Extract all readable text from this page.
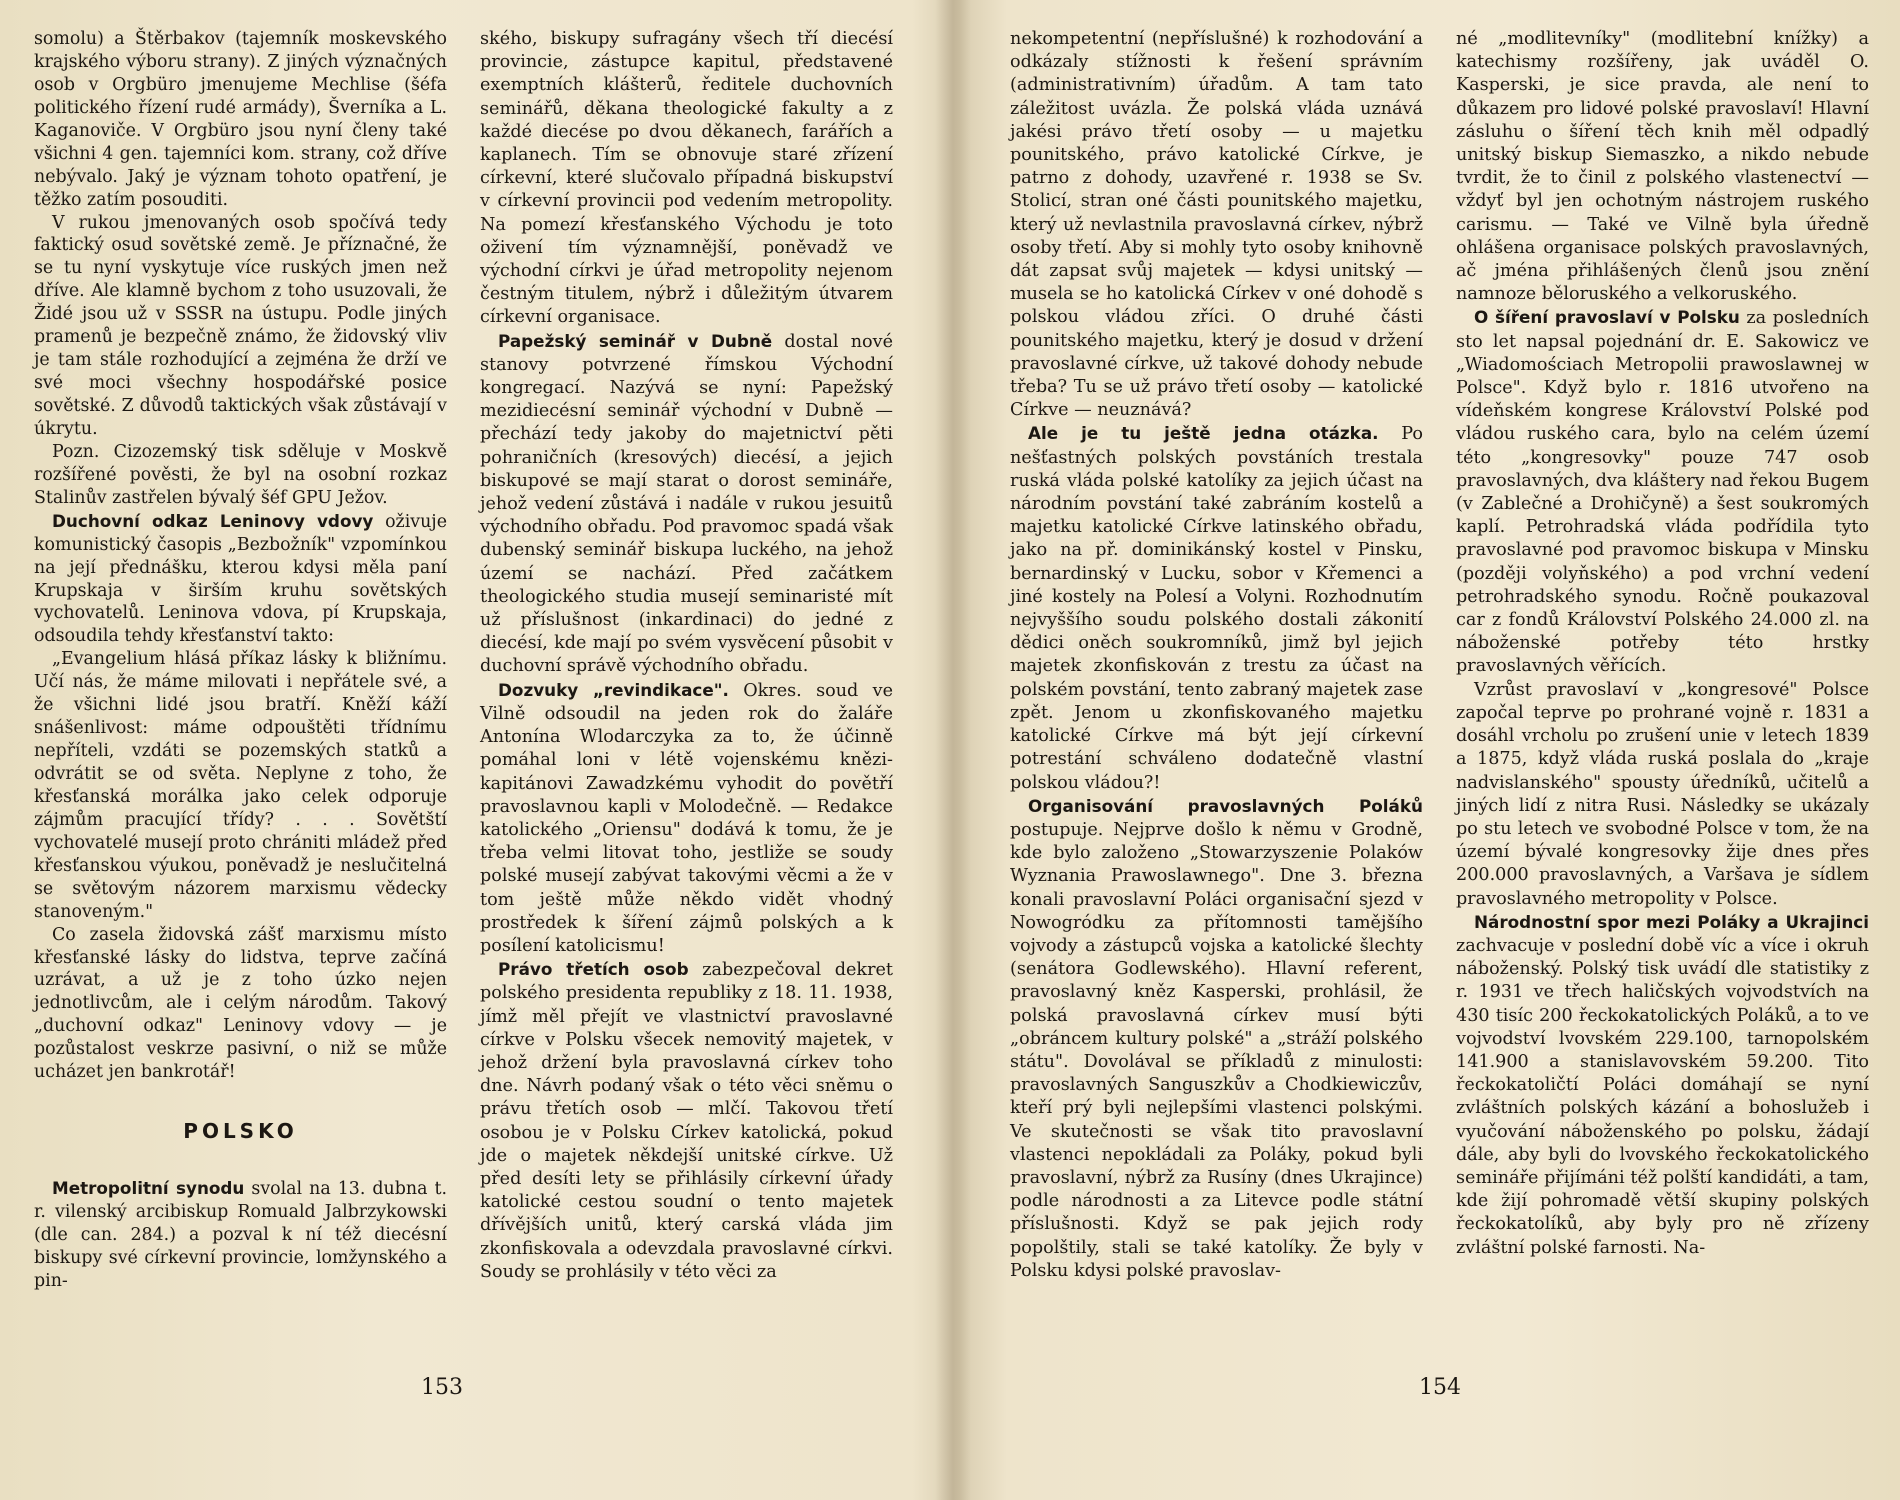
somolu) a Štěrbakov (tajemník moskevského krajského výboru strany). Z jiných význačných osob v Orgbüro jmenujeme Mechlise (šéfa politického řízení rudé armády), Šverníka a L. Kaganoviče. V Orgbüro jsou nyní členy také všichni 4 gen. tajemníci kom. strany, což dříve nebývalo. Jaký je význam tohoto opatření, je těžko zatím posouditi.

V rukou jmenovaných osob spočívá tedy faktický osud sovětské země. Je příznačné, že se tu nyní vyskytuje více ruských jmen než dříve. Ale klamně bychom z toho usuzovali, že Židé jsou už v SSSR na ústupu. Podle jiných pramenů je bezpečně známo, že židovský vliv je tam stále rozhodující a zejména že drží ve své moci všechny hospodářské posice sovětské. Z důvodů taktických však zůstávají v úkrytu.

Pozn. Cizozemský tisk sděluje v Moskvě rozšířené pověsti, že byl na osobní rozkaz Stalinův zastřelen bývalý šéf GPU Ježov.

Duchovní odkaz Leninovy vdovy oživuje komunistický časopis „Bezbožník" vzpomínkou na její přednášku, kterou kdysi měla paní Krupskaja v širším kruhu sovětských vychovatelů. Leninova vdova, pí Krupskaja, odsoudila tehdy křesťanství takto:

„Evangelium hlásá příkaz lásky k bližnímu. Učí nás, že máme milovati i nepřátele své, a že všichni lidé jsou bratří. Kněží káží snášenlivost: máme odpouštěti třídnímu nepříteli, vzdáti se pozemských statků a odvrátit se od světa. Neplyne z toho, že křesťanská morálka jako celek odporuje zájmům pracující třídy? . . . Sovětští vychovatelé musejí proto chrániti mládež před křesťanskou výukou, poněvadž je neslučitelná se světovým názorem marxismu vědecky stanoveným."

Co zasela židovská zášť marxismu místo křesťanské lásky do lidstva, teprve začíná uzrávat, a už je z toho úzko nejen jednotlivcům, ale i celým národům. Takový „duchovní odkaz" Leninovy vdovy — je pozůstalost veskrze pasivní, o niž se může ucházet jen bankrotář!

POLSKO

Metropolitní synodu svolal na 13. dubna t. r. vilenský arcibiskup Romuald Jalbrzykowski (dle can. 284.) a pozval k ní též diecésní biskupy své církevní provincie, lomžynského a pin-

ského, biskupy sufragány všech tří diecésí provincie, zástupce kapitul, představené exemptních klášterů, ředitele duchovních seminářů, děkana theologické fakulty a z každé diecése po dvou děkanech, farářích a kaplanech. Tím se obnovuje staré zřízení církevní, které slučovalo případná biskupství v církevní provincii pod vedením metropolity. Na pomezí křesťanského Východu je toto oživení tím významnější, poněvadž ve východní církvi je úřad metropolity nejenom čestným titulem, nýbrž i důležitým útvarem církevní organisace.

Papežský seminář v Dubně dostal nové stanovy potvrzené římskou Východní kongregací. Nazývá se nyní: Papežský mezidiecésní seminář východní v Dubně — přechází tedy jakoby do majetnictví pěti pohraničních (kresových) diecésí, a jejich biskupové se mají starat o dorost semináře, jehož vedení zůstává i nadále v rukou jesuitů východního obřadu. Pod pravomoc spadá však dubenský seminář biskupa luckého, na jehož území se nachází. Před začátkem theologického studia musejí seminaristé mít už příslušnost (inkardinaci) do jedné z diecésí, kde mají po svém vysvěcení působit v duchovní správě východního obřadu.

Dozvuky „revindikace". Okres. soud ve Vilně odsoudil na jeden rok do žaláře Antonína Wlodarczyka za to, že účinně pomáhal loni v létě vojenskému knězi-kapitánovi Zawadzkému vyhodit do povětří pravoslavnou kapli v Molodečně. — Redakce katolického „Oriensu" dodává k tomu, že je třeba velmi litovat toho, jestliže se soudy polské musejí zabývat takovými věcmi a že v tom ještě může někdo vidět vhodný prostředek k šíření zájmů polských a k posílení katolicismu!

Právo třetích osob zabezpečoval dekret polského presidenta republiky z 18. 11. 1938, jímž měl přejít ve vlastnictví pravoslavné církve v Polsku všecek nemovitý majetek, v jehož držení byla pravoslavná církev toho dne. Návrh podaný však o této věci sněmu o právu třetích osob — mlčí. Takovou třetí osobou je v Polsku Církev katolická, pokud jde o majetek někdejší unitské církve. Už před desíti lety se přihlásily církevní úřady katolické cestou soudní o tento majetek dřívějších unitů, který carská vláda jim zkonfiskovala a odevzdala pravoslavné církvi. Soudy se prohlásily v této věci za

153

nekompetentní (nepříslušné) k rozhodování a odkázaly stížnosti k řešení správním (administrativním) úřadům. A tam tato záležitost uvázla. Že polská vláda uznává jakési právo třetí osoby — u majetku pounitského, právo katolické Církve, je patrno z dohody, uzavřené r. 1938 se Sv. Stolicí, stran oné části pounitského majetku, který už nevlastnila pravoslavná církev, nýbrž osoby třetí. Aby si mohly tyto osoby knihovně dát zapsat svůj majetek — kdysi unitský — musela se ho katolická Církev v oné dohodě s polskou vládou zříci. O druhé části pounitského majetku, který je dosud v držení pravoslavné církve, už takové dohody nebude třeba? Tu se už právo třetí osoby — katolické Církve — neuznává?

Ale je tu ještě jedna otázka. Po nešťastných polských povstáních trestala ruská vláda polské katolíky za jejich účast na národním povstání také zabráním kostelů a majetku katolické Církve latinského obřadu, jako na př. dominikánský kostel v Pinsku, bernardinský v Lucku, sobor v Křemenci a jiné kostely na Polesí a Volyni. Rozhodnutím nejvyššího soudu polského dostali zákonití dědici oněch soukromníků, jimž byl jejich majetek zkonfiskován z trestu za účast na polském povstání, tento zabraný majetek zase zpět. Jenom u zkonfiskovaného majetku katolické Církve má být její církevní potrestání schváleno dodatečně vlastní polskou vládou?!

Organisování pravoslavných Poláků postupuje. Nejprve došlo k němu v Grodně, kde bylo založeno „Stowarzyszenie Polaków Wyznania Prawoslawnego". Dne 3. března konali pravoslavní Poláci organisační sjezd v Nowogródku za přítomnosti tamějšího vojvody a zástupců vojska a katolické šlechty (senátora Godlewského). Hlavní referent, pravoslavný kněz Kasperski, prohlásil, že polská pravoslavná církev musí býti „obráncem kultury polské" a „stráží polského státu". Dovolával se příkladů z minulosti: pravoslavných Sanguszkův a Chodkiewiczův, kteří prý byli nejlepšími vlastenci polskými. Ve skutečnosti se však tito pravoslavní vlastenci nepokládali za Poláky, pokud byli pravoslavní, nýbrž za Rusíny (dnes Ukrajince) podle národnosti a za Litevce podle státní příslušnosti. Když se pak jejich rody popolštily, stali se také katolíky. Že byly v Polsku kdysi polské pravoslav-

né „modlitevníky" (modlitební knížky) a katechismy rozšířeny, jak uváděl O. Kasperski, je sice pravda, ale není to důkazem pro lidové polské pravoslaví! Hlavní zásluhu o šíření těch knih měl odpadlý unitský biskup Siemaszko, a nikdo nebude tvrdit, že to činil z polského vlastenectví — vždyť byl jen ochotným nástrojem ruského carismu. — Také ve Vilně byla úředně ohlášena organisace polských pravoslavných, ač jména přihlášených členů jsou znění namnoze běloruského a velkoruského.

O šíření pravoslaví v Polsku za posledních sto let napsal pojednání dr. E. Sakowicz ve „Wiadomościach Metropolii prawoslawnej w Polsce". Když bylo r. 1816 utvořeno na vídeňském kongrese Království Polské pod vládou ruského cara, bylo na celém území této „kongresovky" pouze 747 osob pravoslavných, dva kláštery nad řekou Bugem (v Zablečné a Drohičyně) a šest soukromých kaplí. Petrohradská vláda podřídila tyto pravoslavné pod pravomoc biskupa v Minsku (později volyňského) a pod vrchní vedení petrohradského synodu. Ročně poukazoval car z fondů Království Polského 24.000 zl. na náboženské potřeby této hrstky pravoslavných věřících.

Vzrůst pravoslaví v „kongresové" Polsce započal teprve po prohrané vojně r. 1831 a dosáhl vrcholu po zrušení unie v letech 1839 a 1875, když vláda ruská poslala do „kraje nadvislanského" spousty úředníků, učitelů a jiných lidí z nitra Rusi. Následky se ukázaly po stu letech ve svobodné Polsce v tom, že na území bývalé kongresovky žije dnes přes 200.000 pravoslavných, a Varšava je sídlem pravoslavného metropolity v Polsce.

Národnostní spor mezi Poláky a Ukrajinci zachvacuje v poslední době víc a více i okruh náboženský. Polský tisk uvádí dle statistiky z r. 1931 ve třech haličských vojvodstvích na 430 tisíc 200 řeckokatolických Poláků, a to ve vojvodství lvovském 229.100, tarnopolském 141.900 a stanislavovském 59.200. Tito řeckokatoličtí Poláci domáhají se nyní zvláštních polských kázání a bohoslužeb i vyučování náboženského po polsku, žádají dále, aby byli do lvovského řeckokatolického semináře přijímáni též polští kandidáti, a tam, kde žijí pohromadě větší skupiny polských řeckokatolíků, aby byly pro ně zřízeny zvláštní polské farnosti. Na-

154
